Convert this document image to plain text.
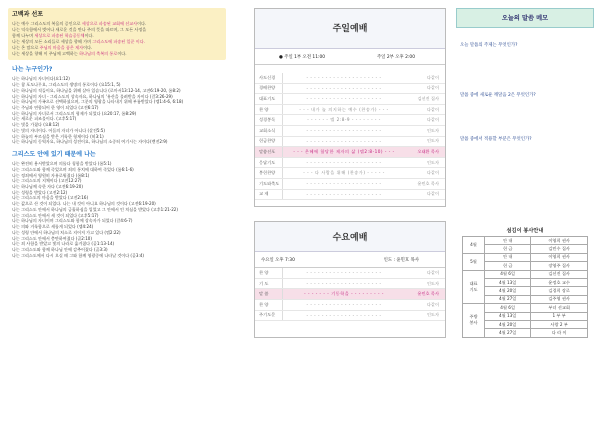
고백과 선포
나는 예수 그리스도의 복음의 증인으로 세상으로 파송된 교회에 선교사이다.
나는 익숙함에서 벗어나 새로운 것을 만나 주의 뜻을 따르며, 그 모든 사정을
함께 나누며 세상으로 파송된 학습공동체이다.
나는 세상의 모든 소리들로 세상을 향해 가며 그리스도에 파송된 일꾼 이다.
나는 온 맘으로 주님의 마음을 품은 제자이다.
나는 세상을 향해 이 주님께 고백하는 하나님의 축복의 통로이다.
나는 누구인가?
나는 하나님의 자녀이다(요1:12)
나는 참 포도나무요, 그리스도의 생명의 통로이다 (요15:1, 5)
나는 하나님의 적들이요, 하나님을 위해 살아 있습니다 (로마서13:12-14, 고전6:19-20, 롬8:2)
나는 하나님의 자녀 - 그리스도의 상속자요, 하나님의 '유산을 물려받을 자이다 (갈3:26-29)
나는 하나님이 가족으로 선택하셨으며, 그분의 영광을 나타내기 위해 부름받았다 (엡1:4-6, 6:18)
나는 주님과 연합되어 한 영이 되었다 (고전6:17)
나는 하나님의 자녀로서 그리스도의 형제가 되었다 (요20:17, 롬8:29)
나는 새로운 피조물이다. (고후5:17)
나는 빛을 가졌다 (요8:12)
나는 빛의 자녀이다. 어둠의 자녀가 아니다 (살전5:5)
나는 하늘의 부르심을 받은 거룩한 형제이다 (히3:1)
나는 하나님의 동역자요, 하나님의 성전이요, 하나님의 소중히 여기시는 자이다(벧전2:9)
그리스도 안에 있기 때문에 나는
나는 완전히 용서받았으며 의롭다 칭함을 받았다 (롬5:1)
나는 그리스도와 함께 죽었으며 죄의 통치에 대하여 죽었다 (롬6:1-6)
나는 정죄에서 영원히 자유로워졌다 (롬8:1)
나는 그리스도의 지체이다 (고전12:27)
나는 하나님께 속한 자다 (고전6:19-20)
나는 성령을 받았다 (고전2:12)
나는 그리스도의 마음을 받았다 (고전2:16)
나는 값으로 산 것이 되었다. 나는 내 것이 아니요 하나님의 것이다 (고전6:19-20)
나는 그리스도 안에서 하나님의 긍휼하심을 입었고 그 안에서 인 치심을 받았다 (고후1:21-22)
나는 그리스도 안에서 새 것이 되었다 (고후5:17)
나는 하나님의 자녀이며 그리스도와 함께 상속자가 되었다 (갈4:6-7)
나는 의와 거룩함으로 새롭게 되었다 (엡4:24)
나는 성령 안에서 하나님의 처소로 지어져 가고 있다 (엡2:22)
나는 그리스도 안에서 충만하여졌다 (골2:10)
나는 죄 사함을 받았고 빛의 나라로 옮겨졌다 (골1:13-14)
나는 그리스도와 함께 하나님 안에 감추어졌다 (골3:3)
나는 그리스도께서 다시 오실 때 그와 함께 영광중에 나타날 것이다 (골3:4)
주일예배
● 주일 1부 오전 11:00	주일 2부 오후 2:00
사도신경	- - - - - - - - - - - - - - - - - - - -	다같이
경배찬양	- - - - - - - - - - - - - - - - - - - -	다같이
대표기도	- - - - - - - - - - - - - - - - - - - -	김선진 집사
찬 양	- - - 내가 늘 의지하는 예수 (찬송가) - - -	다같이
성경봉독	- - - - - - 엡 2:8-9 - - - - - - - -	다같이
교회소식	- - - - - - - - - - - - - - - - - - - -	인도자
헌금찬양	- - - - - - - - - - - - - - - - - - - -	인도자
말씀선포	- - - 은혜에 합당한 제자의 삶 (엡2:8-10) - - -	오태환 목사
응답기도	- - - - - - - - - - - - - - - - - - - -	인도자
봉헌찬양	- - - 다 사람을 위해 (찬송가) - - - - -	다같이
기도와축도	- - - - - - - - - - - - - - - - - - - -	윤민호 목사
교 제	- - - - - - - - - - - - - - - - - - - -	다같이
수요예배
수요일 오후 7:30	인도 : 윤민호 목사
찬 양	- - - - - - - - - - - - - - - - - - - -	다같이
기 도	- - - - - - - - - - - - - - - - - - - -	인도자
말 씀	- - - - - - - 기동학을 - - - - - - - - -	윤민호 목사
찬 양	- - - - - - - - - - - - - - - - - - - -	다같이
주기도문	- - - - - - - - - - - - - - - - - - - -	인도자
오늘의 말씀 메모
오늘 말씀의 주제는 무엇인가?
말씀 중에 새로운 깨달음 2은 무엇인가?
말씀 중에서 적용할 부분은 무엇인가?
섬김이 봉사안내
4월	안 내	이영희 권사
	헌 금	김민수 집사
5월	안 내	이영희 권사
	헌 금	장영주 집사
대표
기도	4월 6일	김선진 집사
	4월 13일	윤정호 교수
	4월 20일	김경희 장로
	4월 27일	김주영 권사
주방
봉사	4월 6일	부녀 선교회
	4월 13일	1 부 부
	4월 20일	사랑 2 부
	4월 27일	다 라 이
